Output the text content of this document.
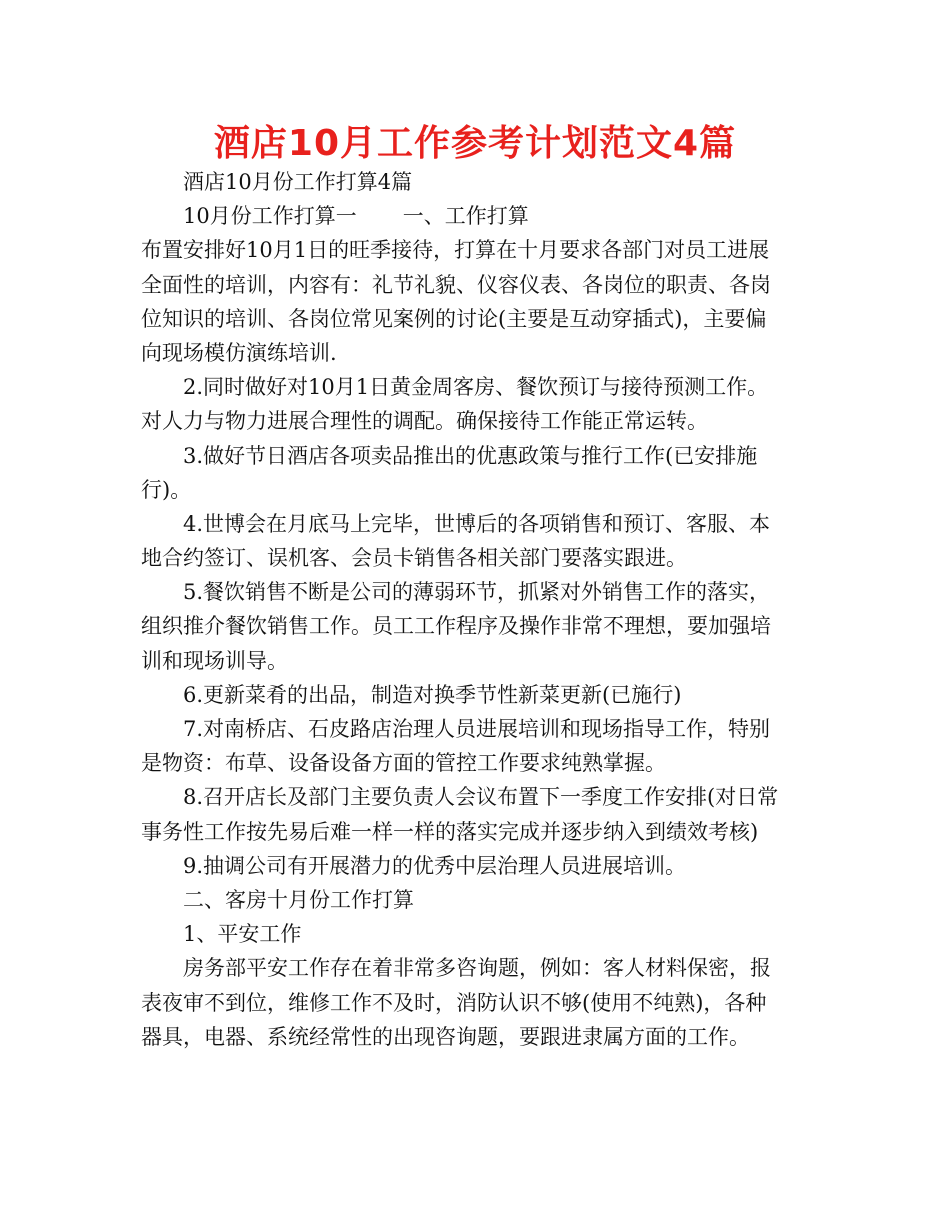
酒店10月工作参考计划范文4篇
酒店10月份工作打算4篇
10月份工作打算一 一、工作打算
布置安排好10月1日的旺季接待，打算在十月要求各部门对员工进展
全面性的培训，内容有：礼节礼貌、仪容仪表、各岗位的职责、各岗
位知识的培训、各岗位常见案例的讨论(主要是互动穿插式)，主要偏
向现场模仿演练培训.
2.同时做好对10月1日黄金周客房、餐饮预订与接待预测工作。
对人力与物力进展合理性的调配。确保接待工作能正常运转。
3.做好节日酒店各项卖品推出的优惠政策与推行工作(已安排施
行)。
4.世博会在月底马上完毕，世博后的各项销售和预订、客服、本
地合约签订、误机客、会员卡销售各相关部门要落实跟进。
5.餐饮销售不断是公司的薄弱环节，抓紧对外销售工作的落实，
组织推介餐饮销售工作。员工工作程序及操作非常不理想，要加强培
训和现场训导。
6.更新菜肴的出品，制造对换季节性新菜更新(已施行)
7.对南桥店、石皮路店治理人员进展培训和现场指导工作，特别
是物资：布草、设备设备方面的管控工作要求纯熟掌握。
8.召开店长及部门主要负责人会议布置下一季度工作安排(对日常
事务性工作按先易后难一样一样的落实完成并逐步纳入到绩效考核)
9.抽调公司有开展潜力的优秀中层治理人员进展培训。
二、客房十月份工作打算
1、平安工作
房务部平安工作存在着非常多咨询题，例如：客人材料保密，报
表夜审不到位，维修工作不及时，消防认识不够(使用不纯熟)，各种
器具，电器、系统经常性的出现咨询题，要跟进隶属方面的工作。
